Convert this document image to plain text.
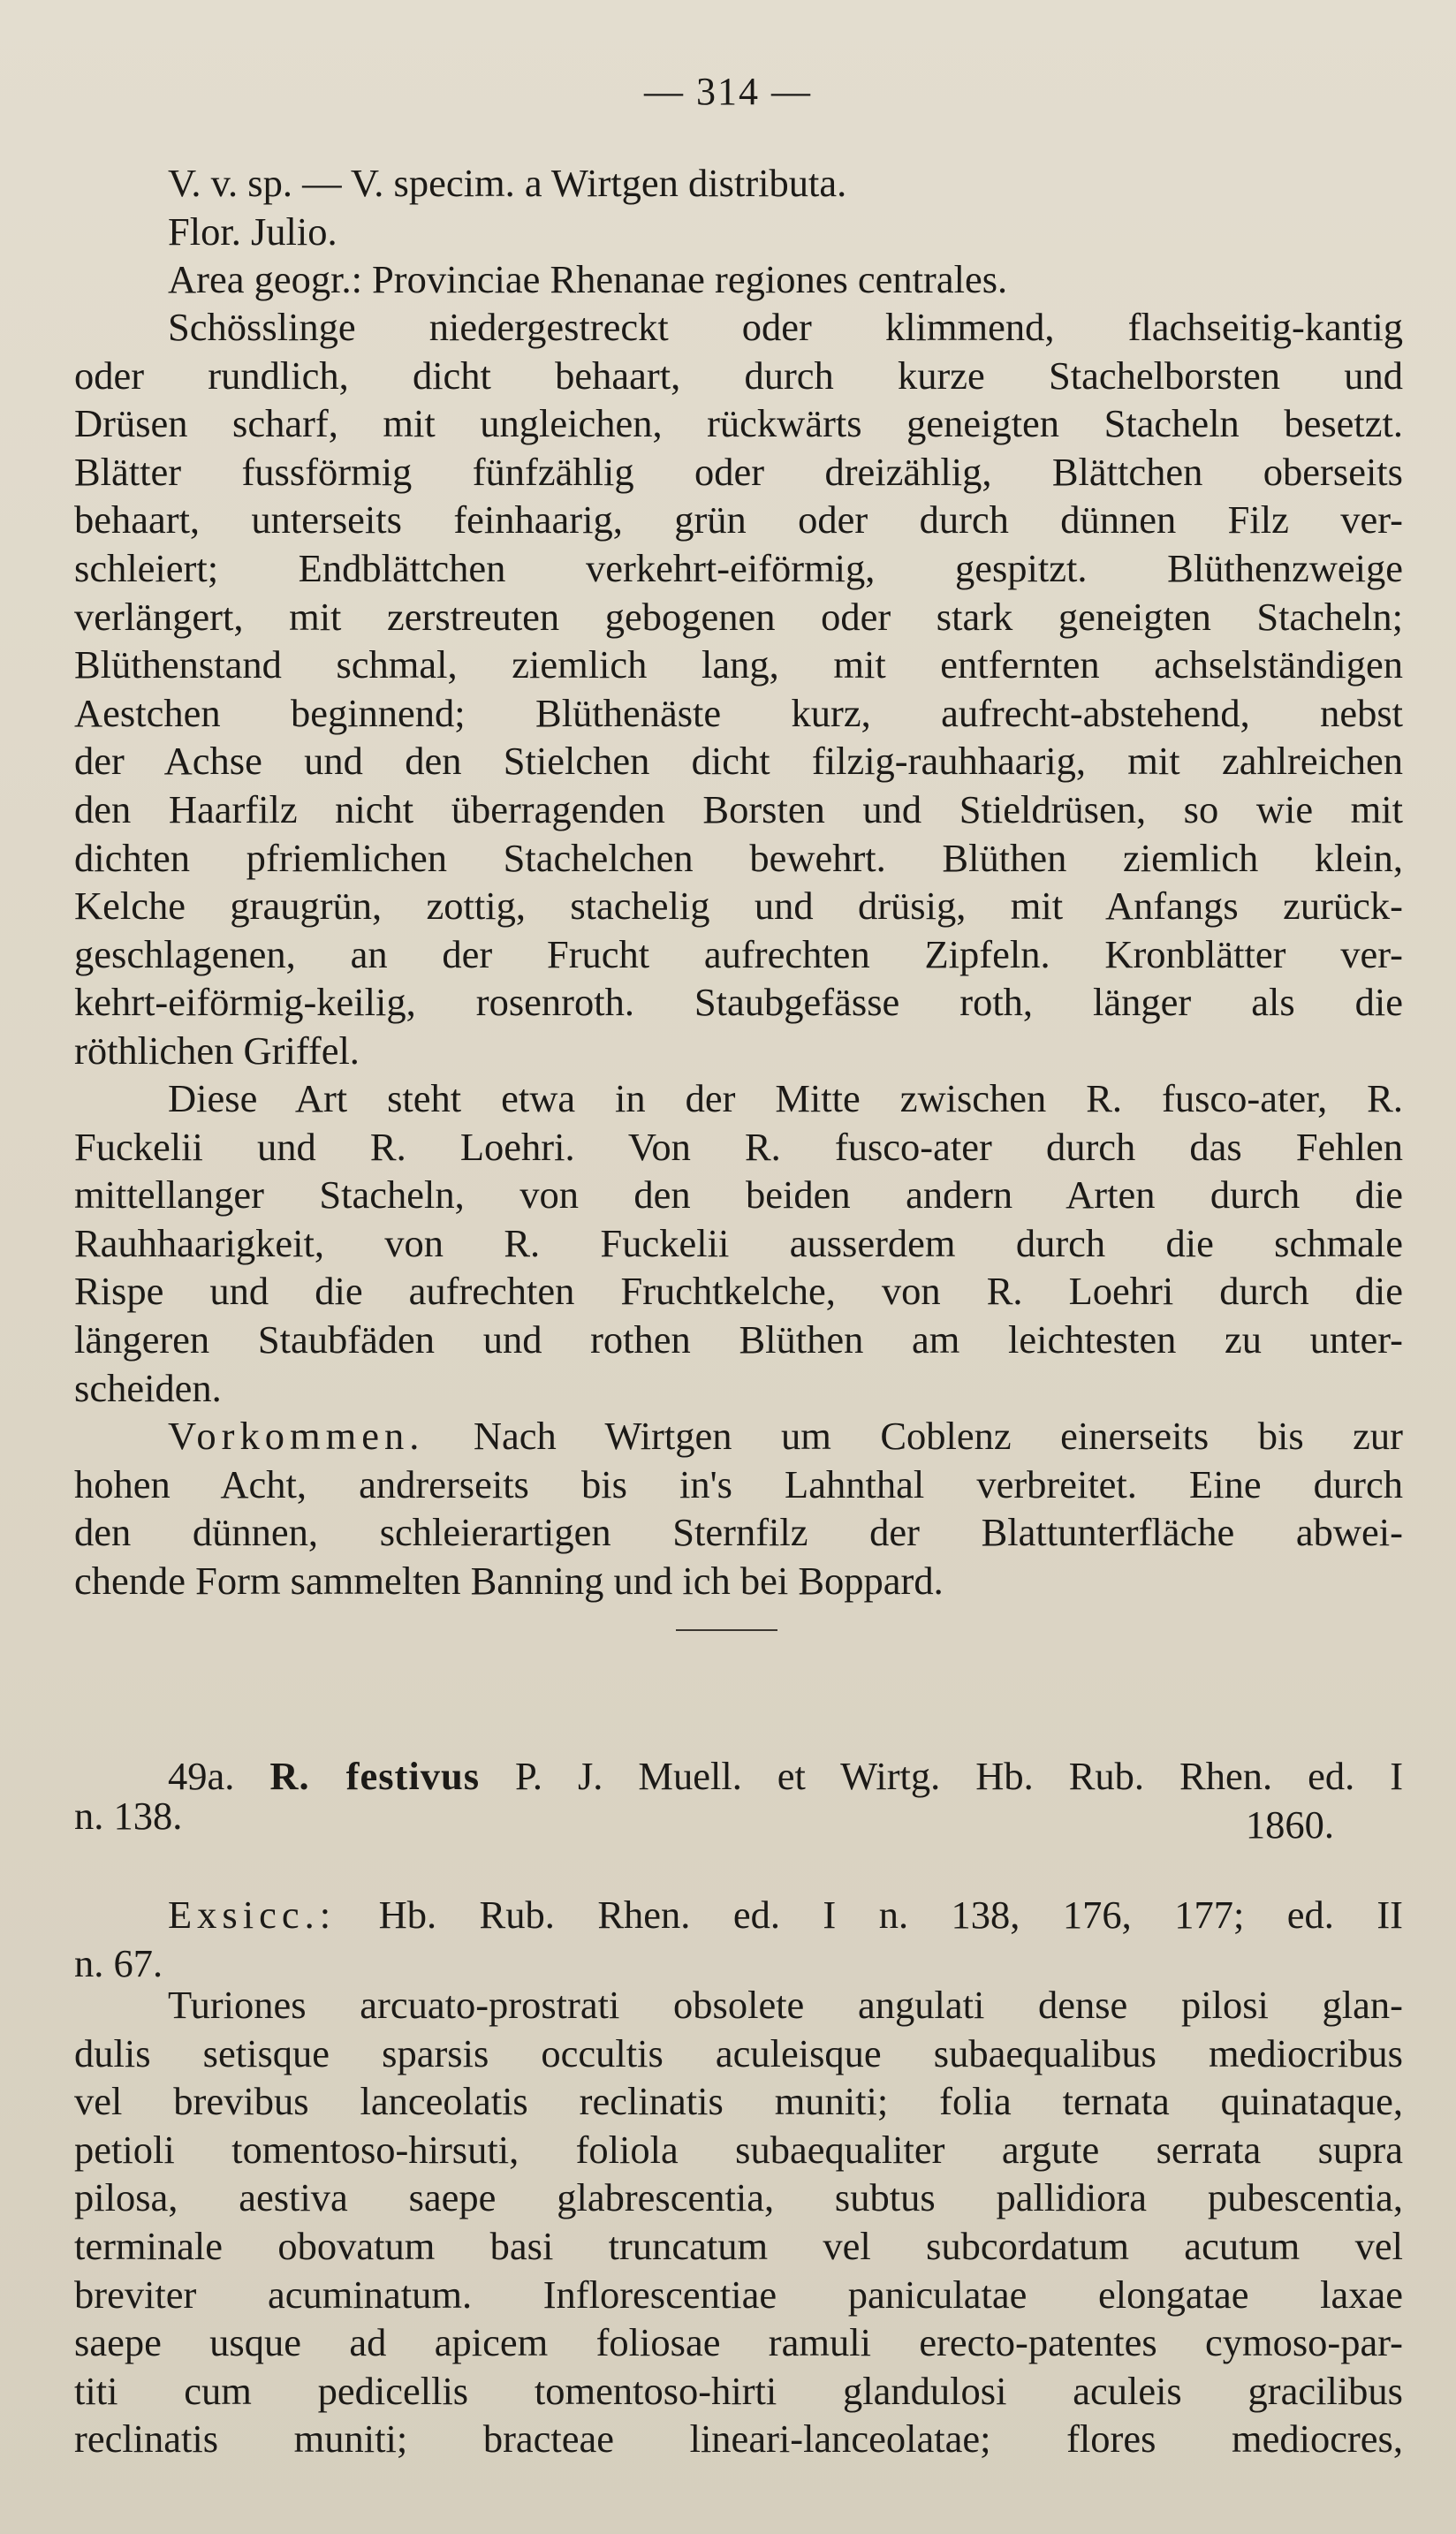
— 314 —
V. v. sp. — V. specim. a Wirtgen distributa.
Flor. Julio.
Area geogr.: Provinciae Rhenanae regiones centrales.
Schösslinge niedergestreckt oder klimmend, flachseitig-kantig
oder rundlich, dicht behaart, durch kurze Stachelborsten und
Drüsen scharf, mit ungleichen, rückwärts geneigten Stacheln besetzt.
Blätter fussförmig fünfzählig oder dreizählig, Blättchen oberseits
behaart, unterseits feinhaarig, grün oder durch dünnen Filz ver-
schleiert; Endblättchen verkehrt-eiförmig, gespitzt. Blüthenzweige
verlängert, mit zerstreuten gebogenen oder stark geneigten Stacheln;
Blüthenstand schmal, ziemlich lang, mit entfernten achselständigen
Aestchen beginnend; Blüthenäste kurz, aufrecht-abstehend, nebst
der Achse und den Stielchen dicht filzig-rauhhaarig, mit zahlreichen
den Haarfilz nicht überragenden Borsten und Stieldrüsen, so wie mit
dichten pfriemlichen Stachelchen bewehrt. Blüthen ziemlich klein,
Kelche graugrün, zottig, stachelig und drüsig, mit Anfangs zurück-
geschlagenen, an der Frucht aufrechten Zipfeln. Kronblätter ver-
kehrt-eiförmig-keilig, rosenroth. Staubgefässe roth, länger als die
röthlichen Griffel.
Diese Art steht etwa in der Mitte zwischen R. fusco-ater, R.
Fuckelii und R. Loehri. Von R. fusco-ater durch das Fehlen
mittellanger Stacheln, von den beiden andern Arten durch die
Rauhhaarigkeit, von R. Fuckelii ausserdem durch die schmale
Rispe und die aufrechten Fruchtkelche, von R. Loehri durch die
längeren Staubfäden und rothen Blüthen am leichtesten zu unter-
scheiden.
Vorkommen. Nach Wirtgen um Coblenz einerseits bis zur
hohen Acht, andrerseits bis in's Lahnthal verbreitet. Eine durch
den dünnen, schleierartigen Sternfilz der Blattunterfläche abwei-
chende Form sammelten Banning und ich bei Boppard.
49a. R. festivus P. J. Muell. et Wirtg. Hb. Rub. Rhen. ed. I
n. 138.	1860.
Exsicc.: Hb. Rub. Rhen. ed. I n. 138, 176, 177; ed. II
n. 67.
Turiones arcuato-prostrati obsolete angulati dense pilosi glan-
dulis setisque sparsis occultis aculeisque subaequalibus mediocribus
vel brevibus lanceolatis reclinatis muniti; folia ternata quinataque,
petioli tomentoso-hirsuti, foliola subaequaliter argute serrata supra
pilosa, aestiva saepe glabrescentia, subtus pallidiora pubescentia,
terminale obovatum basi truncatum vel subcordatum acutum vel
breviter acuminatum. Inflorescentiae paniculatae elongatae laxae
saepe usque ad apicem foliosae ramuli erecto-patentes cymoso-par-
titi cum pedicellis tomentoso-hirti glandulosi aculeis gracilibus
reclinatis muniti; bracteae lineari-lanceolatae; flores mediocres,
